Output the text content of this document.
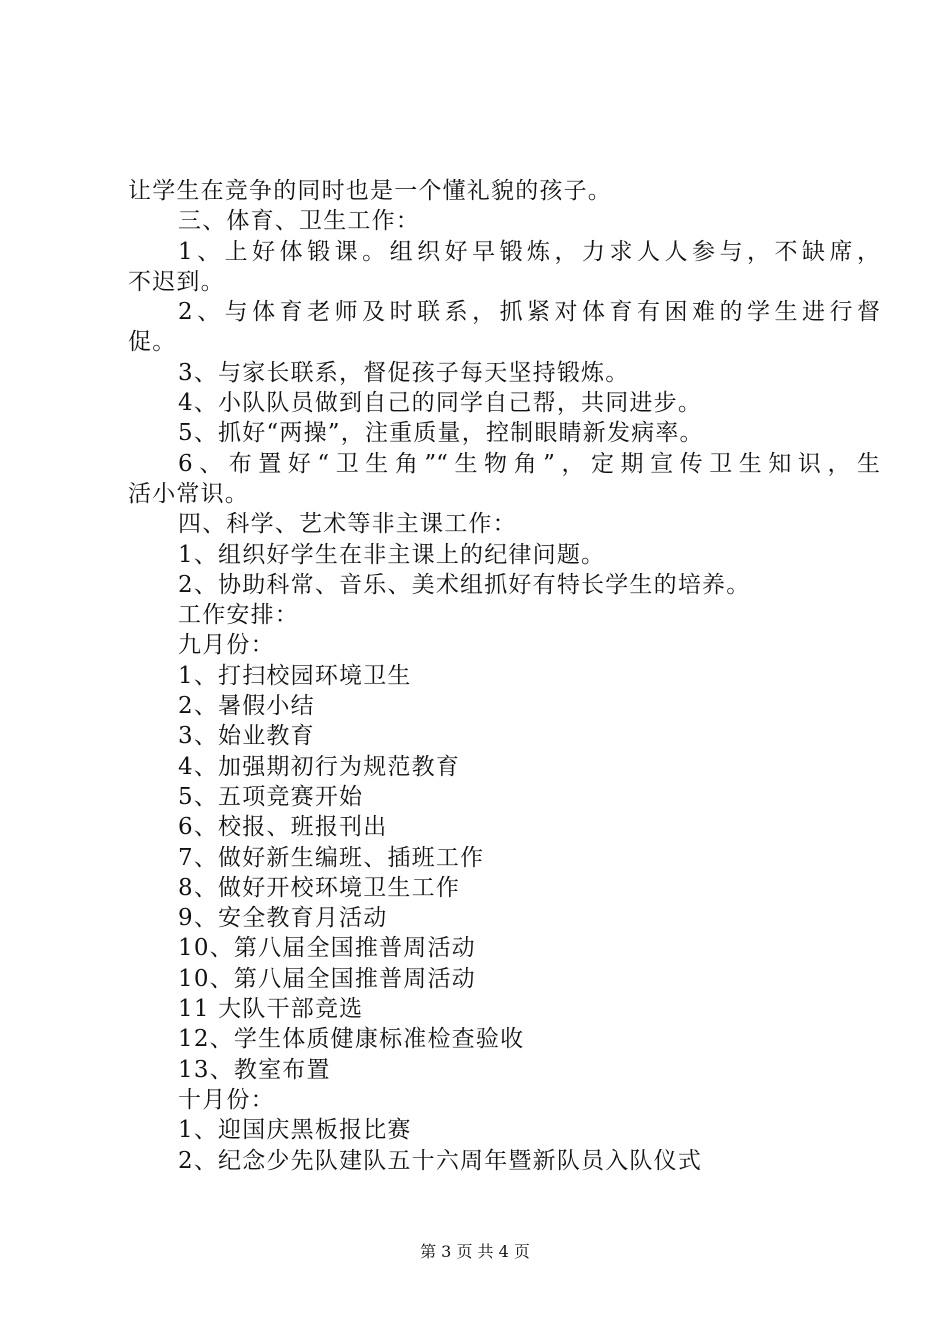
让学生在竞争的同时也是一个懂礼貌的孩子。
三、体育、卫生工作：
1、上好体锻课。组织好早锻炼，力求人人参与，不缺席，
不迟到。
2、与体育老师及时联系，抓紧对体育有困难的学生进行督
促。
3、与家长联系，督促孩子每天坚持锻炼。
4、小队队员做到自己的同学自己帮，共同进步。
5、抓好“两操”，注重质量，控制眼睛新发病率。
6、布置好“卫生角”“生物角”，定期宣传卫生知识，生
活小常识。
四、科学、艺术等非主课工作：
1、组织好学生在非主课上的纪律问题。
2、协助科常、音乐、美术组抓好有特长学生的培养。
工作安排：
九月份：
1、打扫校园环境卫生
2、暑假小结
3、始业教育
4、加强期初行为规范教育
5、五项竞赛开始
6、校报、班报刊出
7、做好新生编班、插班工作
8、做好开校环境卫生工作
9、安全教育月活动
10、第八届全国推普周活动
10、第八届全国推普周活动
11 大队干部竞选
12、学生体质健康标准检查验收
13、教室布置
十月份：
1、迎国庆黑板报比赛
2、纪念少先队建队五十六周年暨新队员入队仪式
第 3 页 共 4 页
